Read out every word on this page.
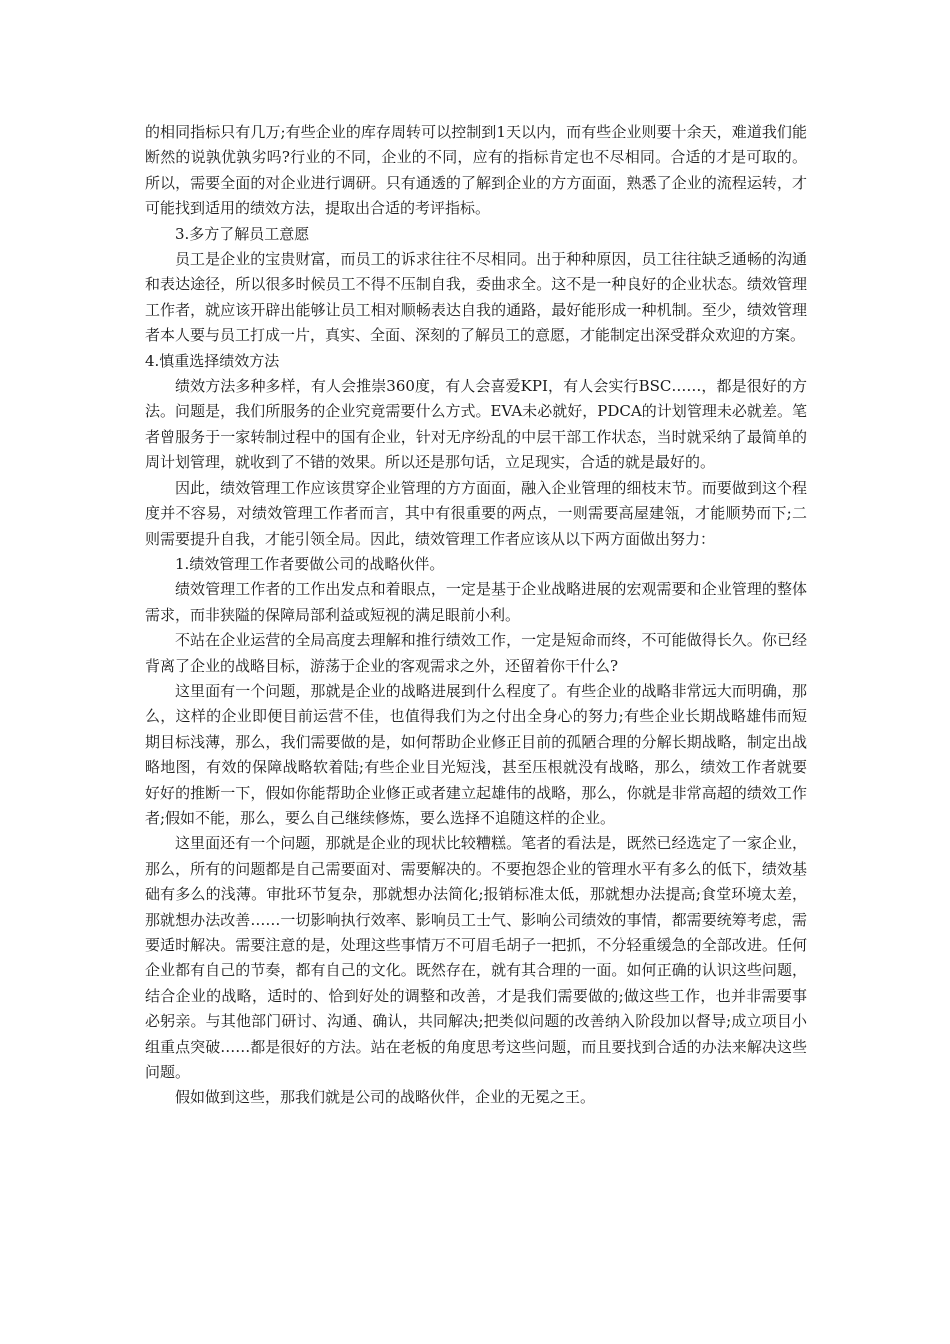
的相同指标只有几万;有些企业的库存周转可以控制到1天以内，而有些企业则要十余天，难道我们能断然的说孰优孰劣吗?行业的不同，企业的不同，应有的指标肯定也不尽相同。合适的才是可取的。所以，需要全面的对企业进行调研。只有通透的了解到企业的方方面面，熟悉了企业的流程运转，才可能找到适用的绩效方法，提取出合适的考评指标。

3.多方了解员工意愿

员工是企业的宝贵财富，而员工的诉求往往不尽相同。出于种种原因，员工往往缺乏通畅的沟通和表达途径，所以很多时候员工不得不压制自我，委曲求全。这不是一种良好的企业状态。绩效管理工作者，就应该开辟出能够让员工相对顺畅表达自我的通路，最好能形成一种机制。至少，绩效管理者本人要与员工打成一片，真实、全面、深刻的了解员工的意愿，才能制定出深受群众欢迎的方案。

4.慎重选择绩效方法

绩效方法多种多样，有人会推崇360度，有人会喜爱KPI，有人会实行BSC……，都是很好的方法。问题是，我们所服务的企业究竟需要什么方式。EVA未必就好，PDCA的计划管理未必就差。笔者曾服务于一家转制过程中的国有企业，针对无序纷乱的中层干部工作状态，当时就采纳了最简单的周计划管理，就收到了不错的效果。所以还是那句话，立足现实，合适的就是最好的。

因此，绩效管理工作应该贯穿企业管理的方方面面，融入企业管理的细枝末节。而要做到这个程度并不容易，对绩效管理工作者而言，其中有很重要的两点，一则需要高屋建瓴，才能顺势而下;二则需要提升自我，才能引领全局。因此，绩效管理工作者应该从以下两方面做出努力：

1.绩效管理工作者要做公司的战略伙伴。

绩效管理工作者的工作出发点和着眼点，一定是基于企业战略进展的宏观需要和企业管理的整体需求，而非狭隘的保障局部利益或短视的满足眼前小利。

不站在企业运营的全局高度去理解和推行绩效工作，一定是短命而终，不可能做得长久。你已经背离了企业的战略目标，游荡于企业的客观需求之外，还留着你干什么?

这里面有一个问题，那就是企业的战略进展到什么程度了。有些企业的战略非常远大而明确，那么，这样的企业即便目前运营不佳，也值得我们为之付出全身心的努力;有些企业长期战略雄伟而短期目标浅薄，那么，我们需要做的是，如何帮助企业修正目前的孤陋合理的分解长期战略，制定出战略地图，有效的保障战略软着陆;有些企业目光短浅，甚至压根就没有战略，那么，绩效工作者就要好好的推断一下，假如你能帮助企业修正或者建立起雄伟的战略，那么，你就是非常高超的绩效工作者;假如不能，那么，要么自己继续修炼，要么选择不追随这样的企业。

这里面还有一个问题，那就是企业的现状比较糟糕。笔者的看法是，既然已经选定了一家企业，那么，所有的问题都是自己需要面对、需要解决的。不要抱怨企业的管理水平有多么的低下，绩效基础有多么的浅薄。审批环节复杂，那就想办法简化;报销标准太低，那就想办法提高;食堂环境太差，那就想办法改善……一切影响执行效率、影响员工士气、影响公司绩效的事情，都需要统筹考虑，需要适时解决。需要注意的是，处理这些事情万不可眉毛胡子一把抓，不分轻重缓急的全部改进。任何企业都有自己的节奏，都有自己的文化。既然存在，就有其合理的一面。如何正确的认识这些问题，结合企业的战略，适时的、恰到好处的调整和改善，才是我们需要做的;做这些工作，也并非需要事必躬亲。与其他部门研讨、沟通、确认，共同解决;把类似问题的改善纳入阶段加以督导;成立项目小组重点突破……都是很好的方法。站在老板的角度思考这些问题，而且要找到合适的办法来解决这些问题。

假如做到这些，那我们就是公司的战略伙伴，企业的无冕之王。
